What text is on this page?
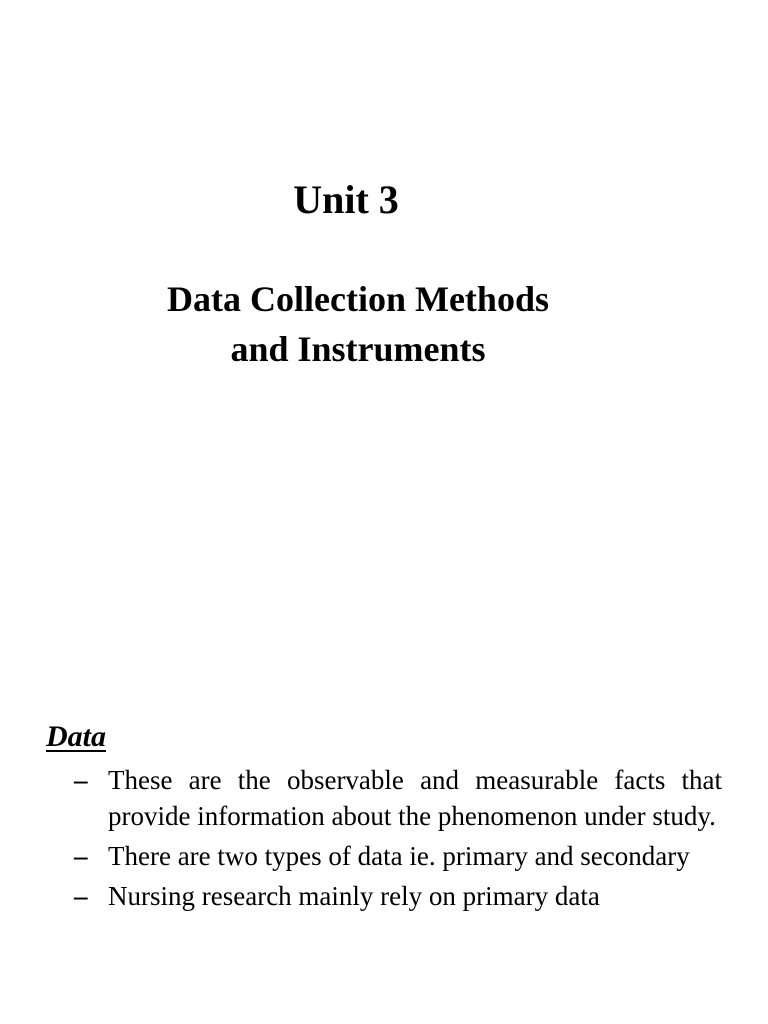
Unit 3
Data Collection Methods
and Instruments
Data
– These are the observable and measurable facts that provide information about the phenomenon under study.
– There are two types of data ie. primary and secondary
– Nursing research mainly rely on primary data
